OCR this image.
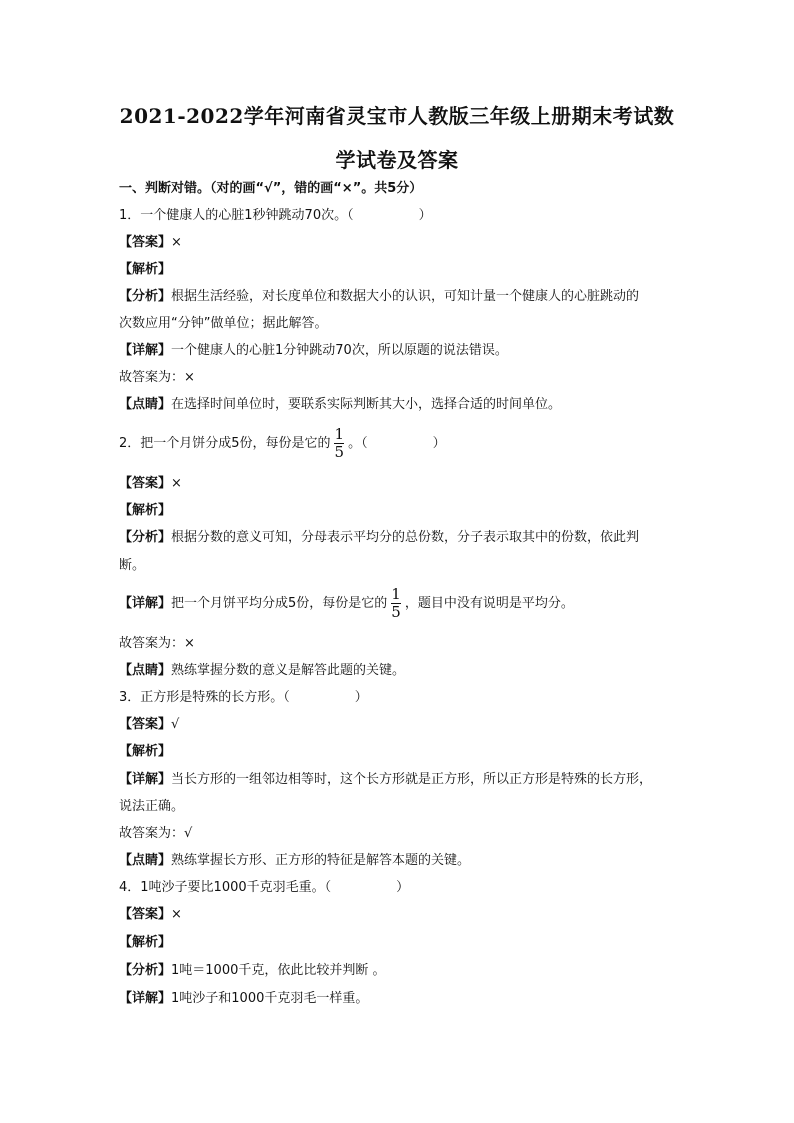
2021-2022学年河南省灵宝市人教版三年级上册期末考试数
学试卷及答案
一、判断对错。（对的画“√”，错的画“×”。共5分）
1．一个健康人的心脏1秒钟跳动70次。（　　　　　）
【答案】×
【解析】
【分析】根据生活经验，对长度单位和数据大小的认识，可知计量一个健康人的心脏跳动的
次数应用“分钟”做单位；据此解答。
【详解】一个健康人的心脏1分钟跳动70次，所以原题的说法错误。
故答案为：×
【点睛】在选择时间单位时，要联系实际判断其大小，选择合适的时间单位。
2．把一个月饼分成5份，每份是它的 $\frac{1}{5}$ 。（　　　　　）
【答案】×
【解析】
【分析】根据分数的意义可知，分母表示平均分的总份数，分子表示取其中的份数，依此判
断。
【详解】把一个月饼平均分成5份，每份是它的 $\frac{1}{5}$ ，题目中没有说明是平均分。
故答案为：×
【点睛】熟练掌握分数的意义是解答此题的关键。
3．正方形是特殊的长方形。（　　　　　）
【答案】√
【解析】
【详解】当长方形的一组邻边相等时，这个长方形就是正方形，所以正方形是特殊的长方形，
说法正确。
故答案为：√
【点睛】熟练掌握长方形、正方形的特征是解答本题的关键。
4．1吨沙子要比1000千克羽毛重。（　　　　　）
【答案】×
【解析】
【分析】1吨＝1000千克，依此比较并判断 。
【详解】1吨沙子和1000千克羽毛一样重。
